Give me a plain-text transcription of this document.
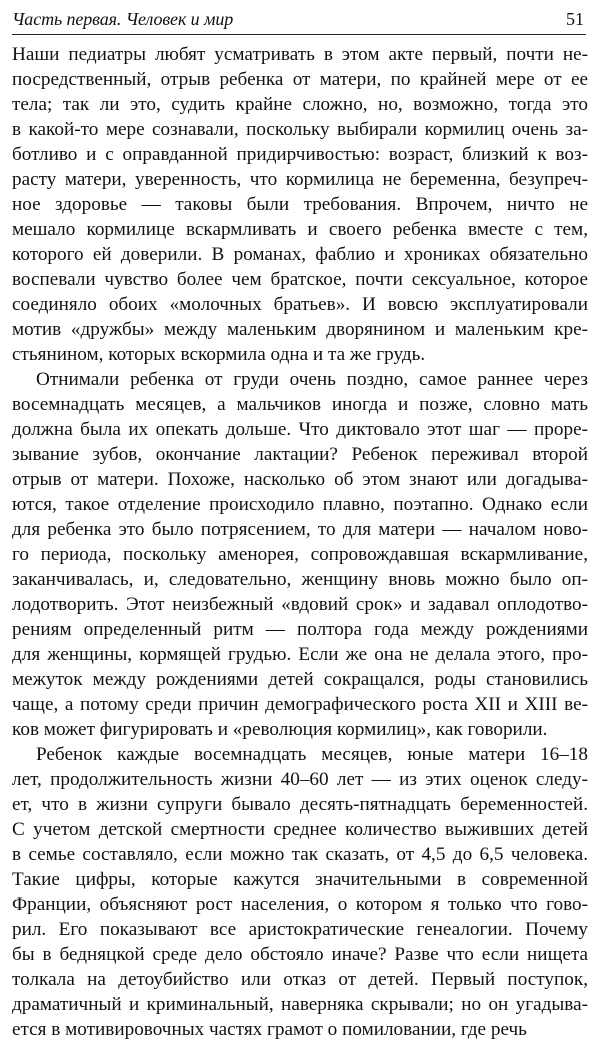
Часть первая. Человек и мир	51
Наши педиатры любят усматривать в этом акте первый, почти не-
посредственный, отрыв ребенка от матери, по крайней мере от ее
тела; так ли это, судить крайне сложно, но, возможно, тогда это
в какой-то мере сознавали, поскольку выбирали кормилиц очень за-
ботливо и с оправданной придирчивостью: возраст, близкий к воз-
расту матери, уверенность, что кормилица не беременна, безупреч-
ное здоровье — таковы были требования. Впрочем, ничто не
мешало кормилице вскармливать и своего ребенка вместе с тем,
которого ей доверили. В романах, фаблио и хрониках обязательно
воспевали чувство более чем братское, почти сексуальное, которое
соединяло обоих «молочных братьев». И вовсю эксплуатировали
мотив «дружбы» между маленьким дворянином и маленьким кре-
стьянином, которых вскормила одна и та же грудь.
Отнимали ребенка от груди очень поздно, самое раннее через
восемнадцать месяцев, а мальчиков иногда и позже, словно мать
должна была их опекать дольше. Что диктовало этот шаг — проре-
зывание зубов, окончание лактации? Ребенок переживал второй
отрыв от матери. Похоже, насколько об этом знают или догадыва-
ются, такое отделение происходило плавно, поэтапно. Однако если
для ребенка это было потрясением, то для матери — началом ново-
го периода, поскольку аменорея, сопровождавшая вскармливание,
заканчивалась, и, следовательно, женщину вновь можно было оп-
лодотворить. Этот неизбежный «вдовий срок» и задавал оплодотво-
рениям определенный ритм — полтора года между рождениями
для женщины, кормящей грудью. Если же она не делала этого, про-
межуток между рождениями детей сокращался, роды становились
чаще, а потому среди причин демографического роста XII и XIII ве-
ков может фигурировать и «революция кормилиц», как говорили.
Ребенок каждые восемнадцать месяцев, юные матери 16–18
лет, продолжительность жизни 40–60 лет — из этих оценок следу-
ет, что в жизни супруги бывало десять-пятнадцать беременностей.
С учетом детской смертности среднее количество выживших детей
в семье составляло, если можно так сказать, от 4,5 до 6,5 человека.
Такие цифры, которые кажутся значительными в современной
Франции, объясняют рост населения, о котором я только что гово-
рил. Его показывают все аристократические генеалогии. Почему
бы в бедняцкой среде дело обстояло иначе? Разве что если нищета
толкала на детоубийство или отказ от детей. Первый поступок,
драматичный и криминальный, наверняка скрывали; но он угадыва-
ется в мотивировочных частях грамот о помиловании, где речь
